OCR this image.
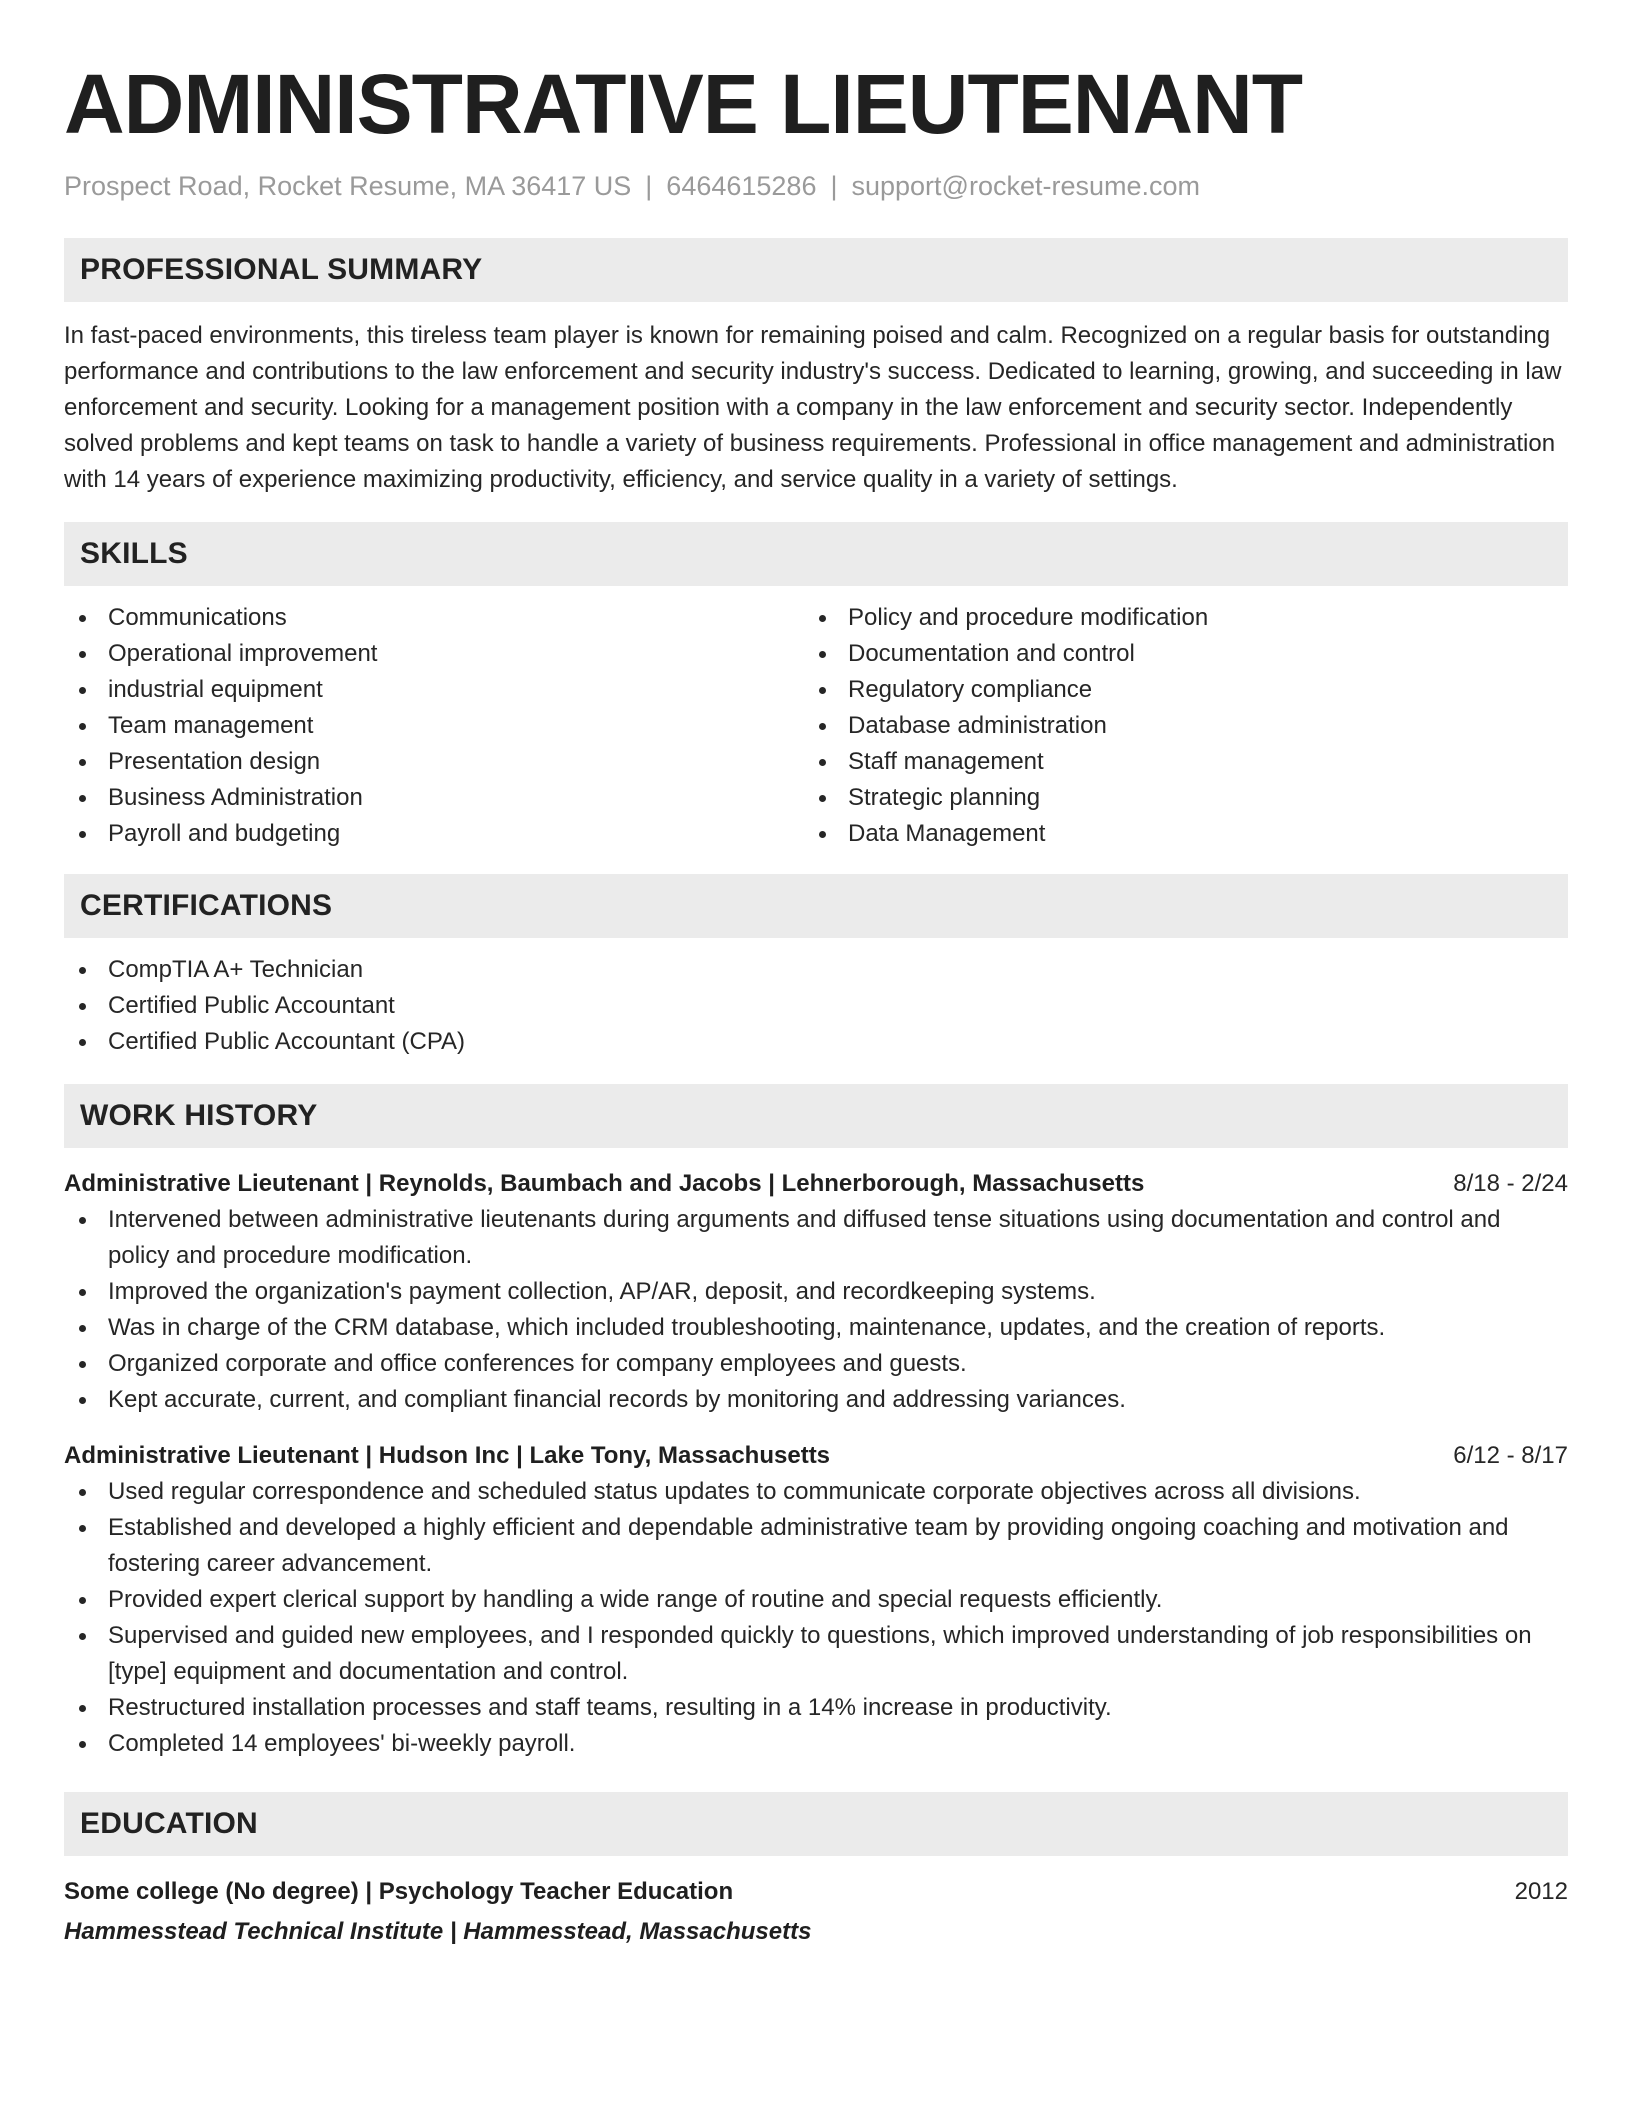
ADMINISTRATIVE LIEUTENANT
Prospect Road, Rocket Resume, MA 36417 US | 6464615286 | support@rocket-resume.com
PROFESSIONAL SUMMARY

In fast-paced environments, this tireless team player is known for remaining poised and calm. Recognized on a regular basis for outstanding performance and contributions to the law enforcement and security industry's success. Dedicated to learning, growing, and succeeding in law enforcement and security. Looking for a management position with a company in the law enforcement and security sector. Independently solved problems and kept teams on task to handle a variety of business requirements. Professional in office management and administration with 14 years of experience maximizing productivity, efficiency, and service quality in a variety of settings.

SKILLS
Communications
Operational improvement
industrial equipment
Team management
Presentation design
Business Administration
Payroll and budgeting
Policy and procedure modification
Documentation and control
Regulatory compliance
Database administration
Staff management
Strategic planning
Data Management
CERTIFICATIONS
CompTIA A+ Technician
Certified Public Accountant
Certified Public Accountant (CPA)
WORK HISTORY
Administrative Lieutenant | Reynolds, Baumbach and Jacobs | Lehnerborough, Massachusetts	8/18 - 2/24
Intervened between administrative lieutenants during arguments and diffused tense situations using documentation and control and policy and procedure modification.
Improved the organization's payment collection, AP/AR, deposit, and recordkeeping systems.
Was in charge of the CRM database, which included troubleshooting, maintenance, updates, and the creation of reports.
Organized corporate and office conferences for company employees and guests.
Kept accurate, current, and compliant financial records by monitoring and addressing variances.
Administrative Lieutenant | Hudson Inc | Lake Tony, Massachusetts	6/12 - 8/17
Used regular correspondence and scheduled status updates to communicate corporate objectives across all divisions.
Established and developed a highly efficient and dependable administrative team by providing ongoing coaching and motivation and fostering career advancement.
Provided expert clerical support by handling a wide range of routine and special requests efficiently.
Supervised and guided new employees, and I responded quickly to questions, which improved understanding of job responsibilities on [type] equipment and documentation and control.
Restructured installation processes and staff teams, resulting in a 14% increase in productivity.
Completed 14 employees' bi-weekly payroll.
EDUCATION
Some college (No degree) | Psychology Teacher Education	2012
Hammesstead Technical Institute | Hammesstead, Massachusetts
